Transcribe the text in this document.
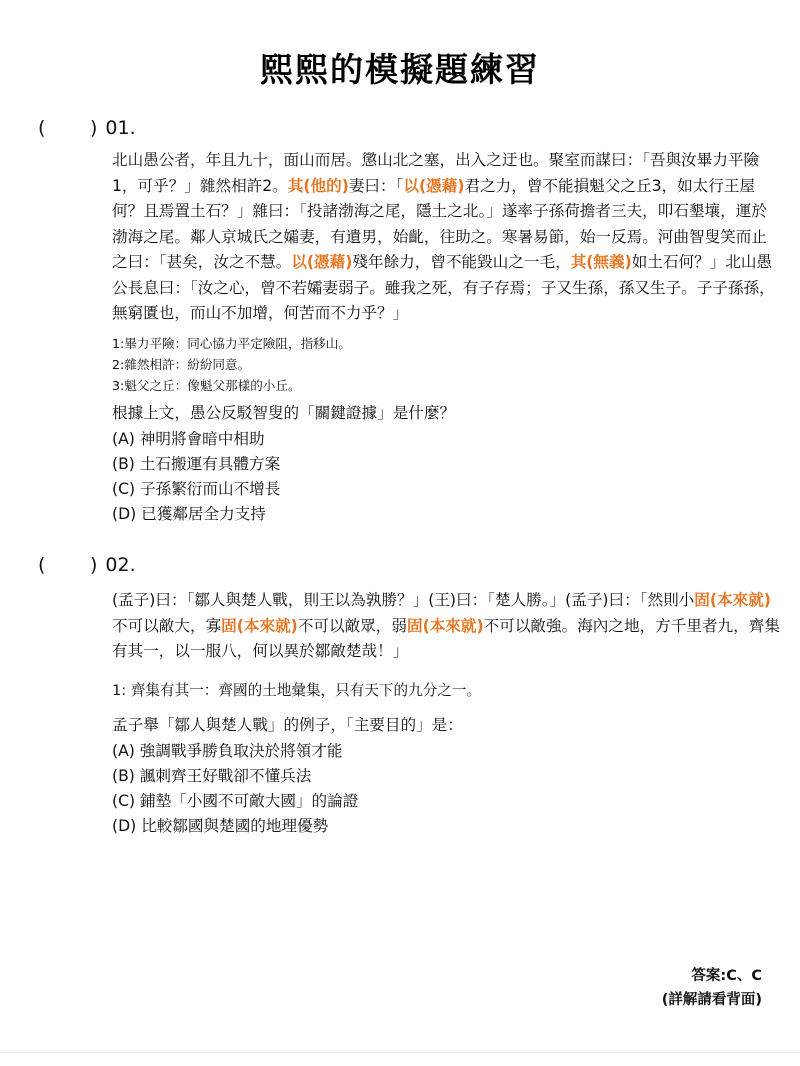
熙熙的模擬題練習
( ) 01.

北山愚公者，年且九十，面山而居。懲山北之塞，出入之迂也。聚室而謀曰：「吾與汝畢力平險1，可乎？」雜然相許2。其(他的)妻曰：「以(憑藉)君之力，曾不能損魁父之丘3，如太行王屋何？且焉置土石？」雜曰：「投諸渤海之尾，隱土之北。」遂率子孫荷擔者三夫，叩石墾壤，運於渤海之尾。鄰人京城氏之孀妻，有遺男，始齔，往助之。寒暑易節，始一反焉。河曲智叟笑而止之曰：「甚矣，汝之不慧。以(憑藉)殘年餘力，曾不能毀山之一毛，其(無義)如土石何？」北山愚公長息曰：「汝之心，曾不若孀妻弱子。雖我之死，有子存焉；子又生孫，孫又生子。子子孫孫，無窮匱也，而山不加增，何苦而不力乎？」

1:畢力平險：同心協力平定險阻，指移山。
2:雜然相許：紛紛同意。
3:魁父之丘：像魁父那樣的小丘。
根據上文，愚公反駁智叟的「關鍵證據」是什麼？
(A) 神明將會暗中相助
(B) 土石搬運有具體方案
(C) 子孫繁衍而山不增長
(D) 已獲鄰居全力支持
( ) 02.

(孟子)曰：「鄒人與楚人戰，則王以為孰勝？」(王)曰：「楚人勝。」(孟子)曰：「然則小固(本來就)不可以敵大，寡固(本來就)不可以敵眾，弱固(本來就)不可以敵強。海內之地，方千里者九，齊集有其一，以一服八，何以異於鄒敵楚哉！」

1: 齊集有其一：齊國的土地彙集，只有天下的九分之一。
孟子舉「鄒人與楚人戰」的例子，「主要目的」是：
(A) 強調戰爭勝負取決於將領才能
(B) 諷刺齊王好戰卻不懂兵法
(C) 鋪墊「小國不可敵大國」的論證
(D) 比較鄒國與楚國的地理優勢
答案:C、C
(詳解請看背面)
